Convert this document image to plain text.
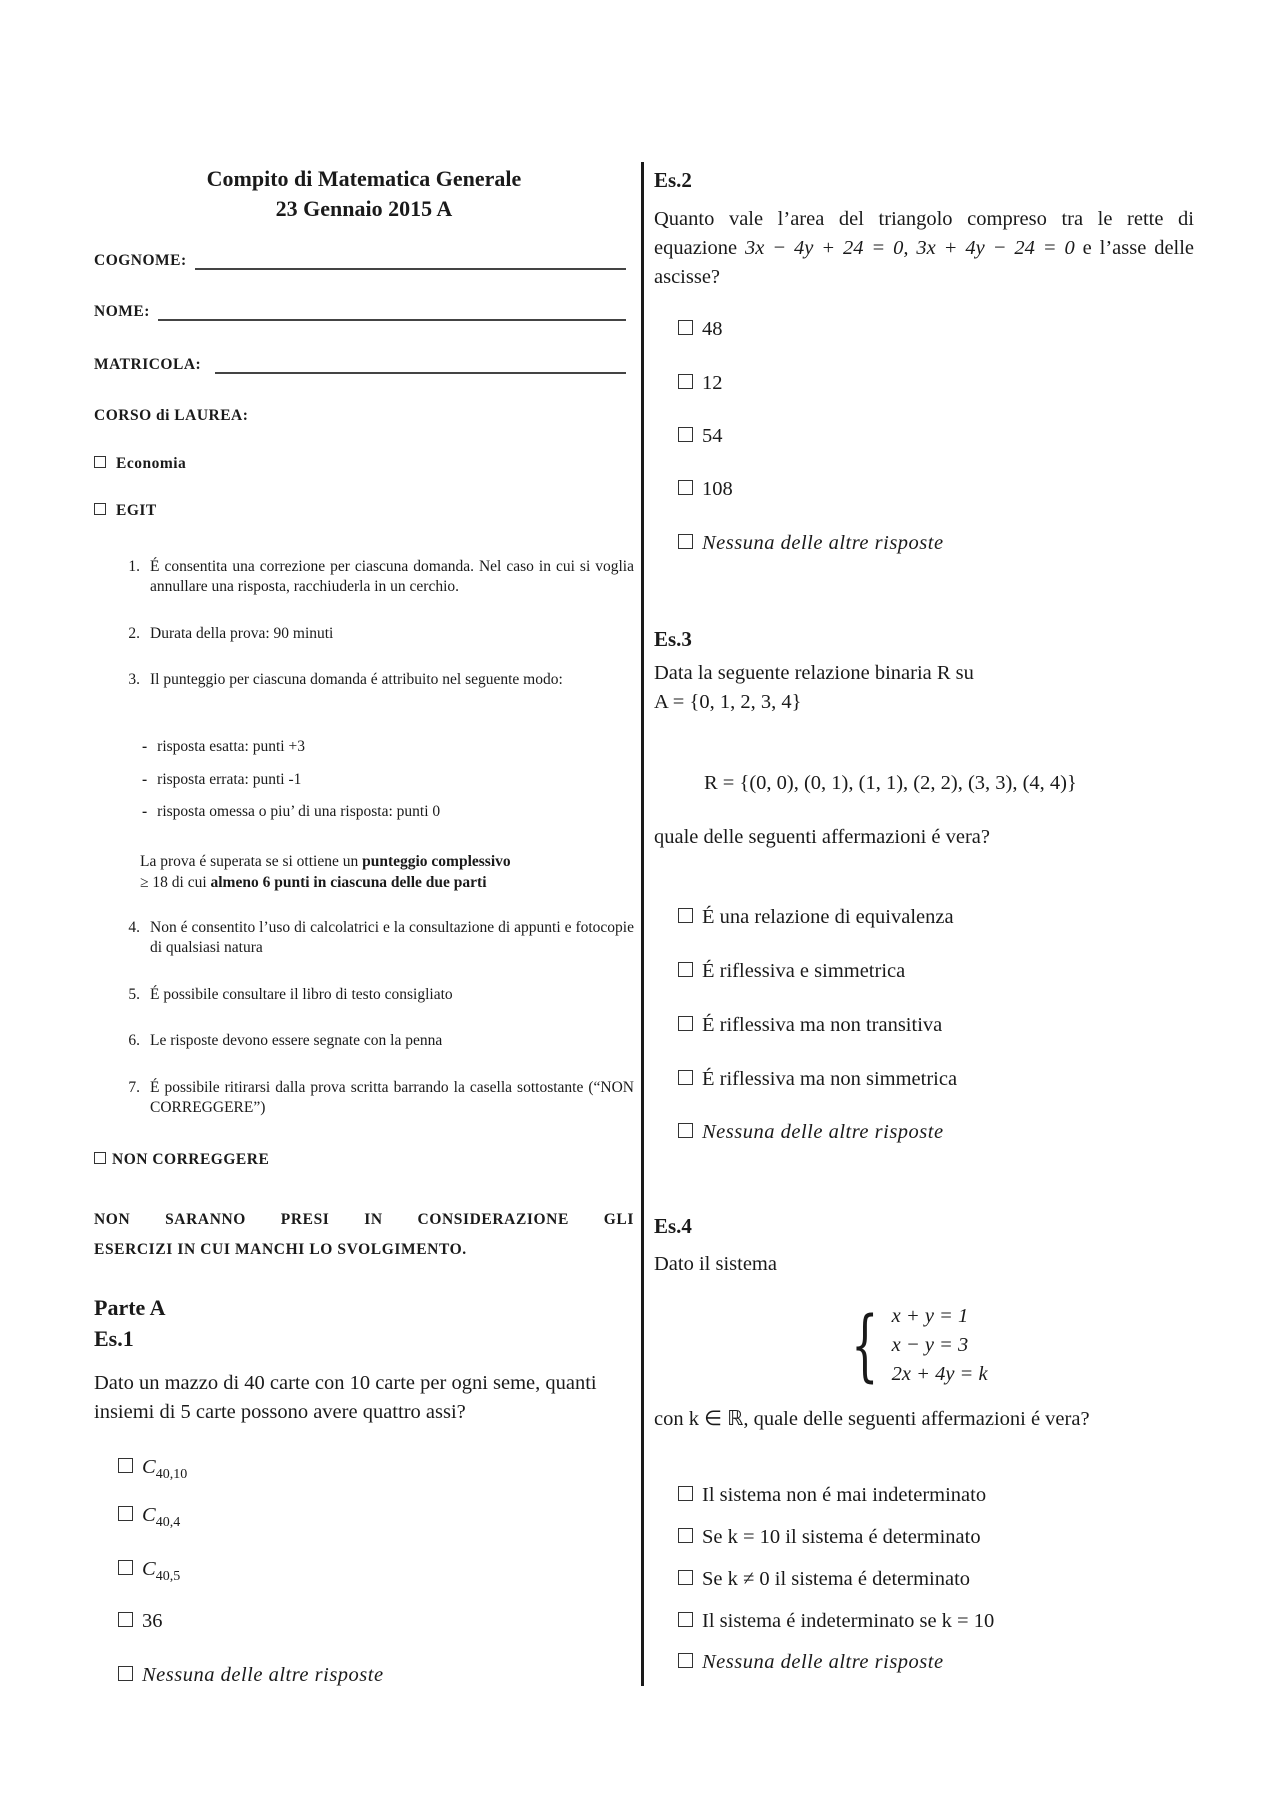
Compito di Matematica Generale
23 Gennaio 2015 A
COGNOME:
NOME:
MATRICOLA:
CORSO di LAUREA:
Economia
EGIT
1. É consentita una correzione per ciascuna domanda. Nel caso in cui si voglia annullare una risposta, racchiuderla in un cerchio.
2. Durata della prova: 90 minuti
3. Il punteggio per ciascuna domanda é attribuito nel seguente modo:
- risposta esatta: punti +3
- risposta errata: punti -1
- risposta omessa o piu’ di una risposta: punti 0
La prova é superata se si ottiene un punteggio complessivo
≥ 18 di cui almeno 6 punti in ciascuna delle due parti
4. Non é consentito l’uso di calcolatrici e la consultazione di appunti e fotocopie di qualsiasi natura
5. É possibile consultare il libro di testo consigliato
6. Le risposte devono essere segnate con la penna
7. É possibile ritirarsi dalla prova scritta barrando la casella sottostante (“NON CORREGGERE”)
NON CORREGGERE
NON SARANNO PRESI IN CONSIDERAZIONE GLI
ESERCIZI IN CUI MANCHI LO SVOLGIMENTO.
Parte A
Es.1
Dato un mazzo di 40 carte con 10 carte per ogni seme, quanti insiemi di 5 carte possono avere quattro assi?
$C_{40,10}$
$C_{40,4}$
$C_{40,5}$
36
Nessuna delle altre risposte
Es.2
Quanto vale l’area del triangolo compreso tra le rette di equazione 3x − 4y + 24 = 0, 3x + 4y − 24 = 0 e l’asse delle ascisse?
48
12
54
108
Nessuna delle altre risposte
Es.3
Data la seguente relazione binaria R su
A = {0, 1, 2, 3, 4}
R = {(0, 0), (0, 1), (1, 1), (2, 2), (3, 3), (4, 4)}
quale delle seguenti affermazioni é vera?
É una relazione di equivalenza
É riflessiva e simmetrica
É riflessiva ma non transitiva
É riflessiva ma non simmetrica
Nessuna delle altre risposte
Es.4
Dato il sistema
{ x + y = 1
x − y = 3
2x + 4y = k
con k ∈ ℝ, quale delle seguenti affermazioni é vera?
Il sistema non é mai indeterminato
Se k = 10 il sistema é determinato
Se k ≠ 0 il sistema é determinato
Il sistema é indeterminato se k = 10
Nessuna delle altre risposte
